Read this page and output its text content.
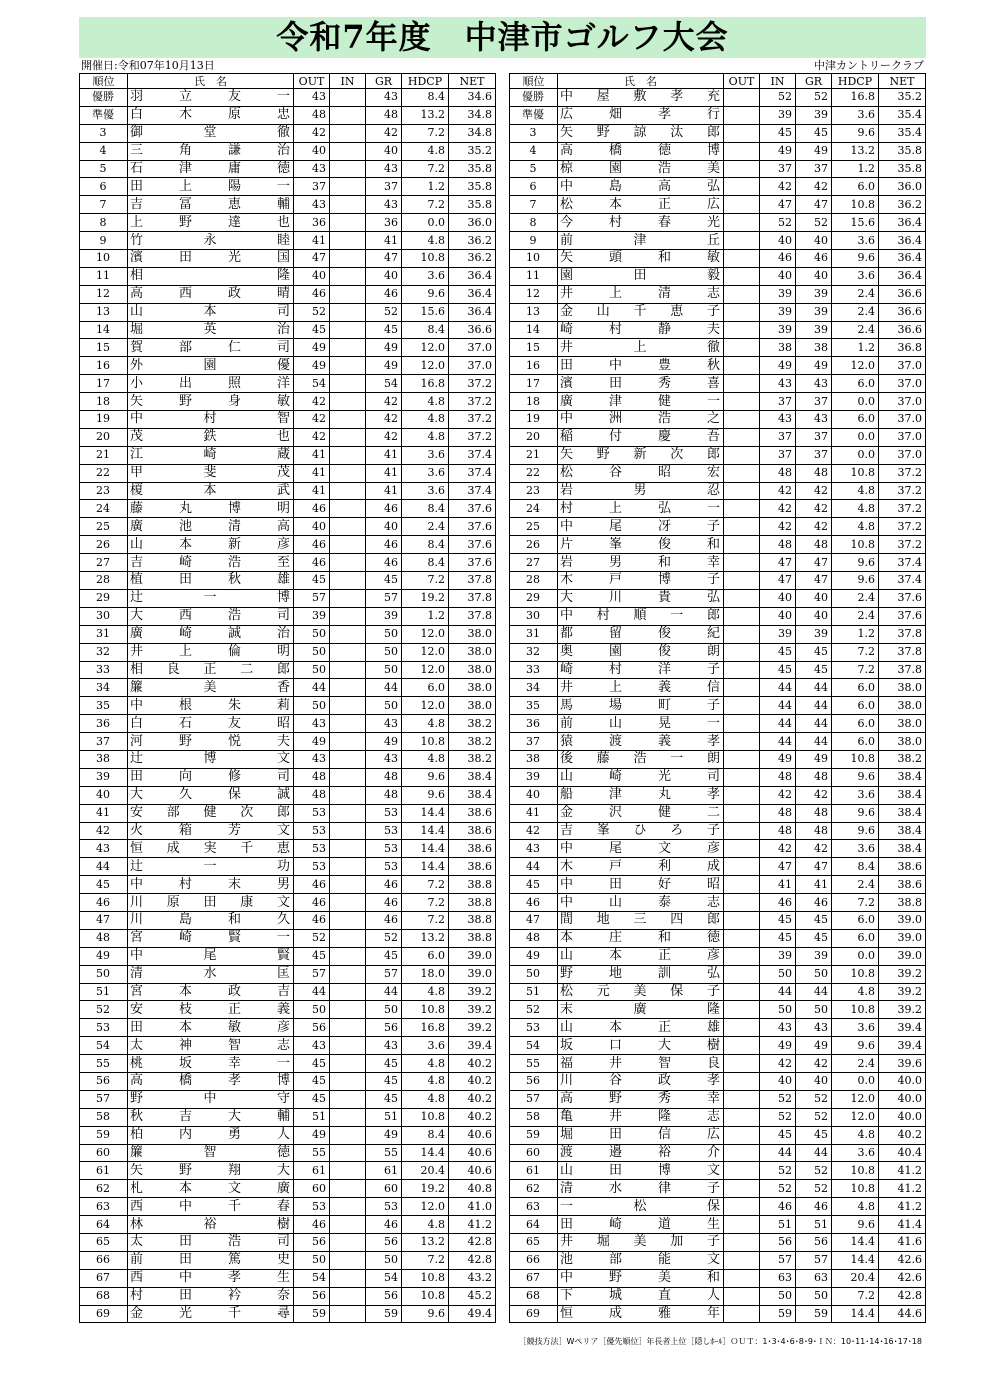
令和7年度　中津市ゴルフ大会
開催日:令和07年10月13日	中津カントリークラブ
順位	氏　名	OUT	IN	GR	HDCP	NET
優勝	羽 立 友 一	43		43	8.4	34.6
準優	白 木 原 忠	48		48	13.2	34.8
3	御 堂 徹	42		42	7.2	34.8
4	三 角 謙 治	40		40	4.8	35.2
5	石 津 庸 徳	43		43	7.2	35.8
6	田 上 陽 一	37		37	1.2	35.8
7	吉 冨 恵 輔	43		43	7.2	35.8
8	上 野 達 也	36		36	0.0	36.0
9	竹 永 睦	41		41	4.8	36.2
10	濱 田 光 国	47		47	10.8	36.2
11	相 隆	40		40	3.6	36.4
12	高 西 政 晴	46		46	9.6	36.4
13	山 本 司	52		52	15.6	36.4
14	堀 英 治	45		45	8.4	36.6
15	賀 部 仁 司	49		49	12.0	37.0
16	外 園 優	49		49	12.0	37.0
17	小 出 照 洋	54		54	16.8	37.2
18	矢 野 身 敏	42		42	4.8	37.2
19	中 村 智	42		42	4.8	37.2
20	茂 鉄 也	42		42	4.8	37.2
21	江 崎 蔵	41		41	3.6	37.4
22	甲 斐 茂	41		41	3.6	37.4
23	榎 本 武	41		41	3.6	37.4
24	藤 丸 博 明	46		46	8.4	37.6
25	廣 池 清 高	40		40	2.4	37.6
26	山 本 新 彦	46		46	8.4	37.6
27	吉 崎 浩 至	46		46	8.4	37.6
28	植 田 秋 雄	45		45	7.2	37.8
29	辻 一 博	57		57	19.2	37.8
30	大 西 浩 司	39		39	1.2	37.8
31	廣 崎 誠 治	50		50	12.0	38.0
32	井 上 倫 明	50		50	12.0	38.0
33	相 良 正 二 郎	50		50	12.0	38.0
34	簾 美 香	44		44	6.0	38.0
35	中 根 朱 莉	50		50	12.0	38.0
36	白 石 友 昭	43		43	4.8	38.2
37	河 野 悦 夫	49		49	10.8	38.2
38	辻 博 文	43		43	4.8	38.2
39	田 向 修 司	48		48	9.6	38.4
40	大 久 保 誠	48		48	9.6	38.4
41	安 部 健 次 郎	53		53	14.4	38.6
42	火 箱 芳 文	53		53	14.4	38.6
43	恒 成 実 千 恵	53		53	14.4	38.6
44	辻 一 功	53		53	14.4	38.6
45	中 村 末 男	46		46	7.2	38.8
46	川 原 田 康 文	46		46	7.2	38.8
47	川 島 和 久	46		46	7.2	38.8
48	宮 崎 賢 一	52		52	13.2	38.8
49	中 尾 賢	45		45	6.0	39.0
50	清 水 匡	57		57	18.0	39.0
51	宮 本 政 吉	44		44	4.8	39.2
52	安 枝 正 義	50		50	10.8	39.2
53	田 本 敏 彦	56		56	16.8	39.2
54	太 神 智 志	43		43	3.6	39.4
55	桃 坂 幸 一	45		45	4.8	40.2
56	高 橋 孝 博	45		45	4.8	40.2
57	野 中 守	45		45	4.8	40.2
58	秋 吉 大 輔	51		51	10.8	40.2
59	柏 内 勇 人	49		49	8.4	40.6
60	簾 智 徳	55		55	14.4	40.6
61	矢 野 翔 大	61		61	20.4	40.6
62	札 本 文 廣	60		60	19.2	40.8
63	西 中 千 春	53		53	12.0	41.0
64	林 裕 樹	46		46	4.8	41.2
65	太 田 浩 司	56		56	13.2	42.8
66	前 田 篤 史	50		50	7.2	42.8
67	西 中 孝 生	54		54	10.8	43.2
68	村 田 衿 奈	56		56	10.8	45.2
69	金 光 千 尋	59		59	9.6	49.4
順位	氏　名	OUT	IN	GR	HDCP	NET
優勝	中 屋 敷 孝 充		52	52	16.8	35.2
準優	広 畑 孝 行		39	39	3.6	35.4
3	矢 野 諒 汰 郎		45	45	9.6	35.4
4	高 橋 徳 博		49	49	13.2	35.8
5	椋 園 浩 美		37	37	1.2	35.8
6	中 島 高 弘		42	42	6.0	36.0
7	松 本 正 広		47	47	10.8	36.2
8	今 村 春 光		52	52	15.6	36.4
9	前 津 丘		40	40	3.6	36.4
10	矢 頭 和 敏		46	46	9.6	36.4
11	園 田 毅		40	40	3.6	36.4
12	井 上 清 志		39	39	2.4	36.6
13	金 山 千 恵 子		39	39	2.4	36.6
14	崎 村 静 夫		39	39	2.4	36.6
15	井 上 徹		38	38	1.2	36.8
16	田 中 豊 秋		49	49	12.0	37.0
17	濱 田 秀 喜		43	43	6.0	37.0
18	廣 津 健 一		37	37	0.0	37.0
19	中 洲 浩 之		43	43	6.0	37.0
20	稲 付 慶 吾		37	37	0.0	37.0
21	矢 野 新 次 郎		37	37	0.0	37.0
22	松 谷 昭 宏		48	48	10.8	37.2
23	岩 男 忍		42	42	4.8	37.2
24	村 上 弘 一		42	42	4.8	37.2
25	中 尾 冴 子		42	42	4.8	37.2
26	片 峯 俊 和		48	48	10.8	37.2
27	岩 男 和 幸		47	47	9.6	37.4
28	木 戸 博 子		47	47	9.6	37.4
29	大 川 貴 弘		40	40	2.4	37.6
30	中 村 順 一 郎		40	40	2.4	37.6
31	都 留 俊 紀		39	39	1.2	37.8
32	奥 園 俊 朗		45	45	7.2	37.8
33	崎 村 洋 子		45	45	7.2	37.8
34	井 上 義 信		44	44	6.0	38.0
35	馬 場 町 子		44	44	6.0	38.0
36	前 山 晃 一		44	44	6.0	38.0
37	猿 渡 義 孝		44	44	6.0	38.0
38	後 藤 浩 一 朗		49	49	10.8	38.2
39	山 崎 光 司		48	48	9.6	38.4
40	船 津 丸 孝		42	42	3.6	38.4
41	金 沢 健 二		48	48	9.6	38.4
42	吉 峯 ひ ろ 子		48	48	9.6	38.4
43	中 尾 文 彦		42	42	3.6	38.4
44	木 戸 利 成		47	47	8.4	38.6
45	中 田 好 昭		41	41	2.4	38.6
46	中 山 泰 志		46	46	7.2	38.8
47	間 地 三 四 郎		45	45	6.0	39.0
48	本 庄 和 徳		45	45	6.0	39.0
49	山 本 正 彦		39	39	0.0	39.0
50	野 地 訓 弘		50	50	10.8	39.2
51	松 元 美 保 子		44	44	4.8	39.2
52	末 廣 隆		50	50	10.8	39.2
53	山 本 正 雄		43	43	3.6	39.4
54	坂 口 大 樹		49	49	9.6	39.4
55	福 井 智 良		42	42	2.4	39.6
56	川 谷 政 孝		40	40	0.0	40.0
57	高 野 秀 幸		52	52	12.0	40.0
58	亀 井 隆 志		52	52	12.0	40.0
59	堀 田 信 広		45	45	4.8	40.2
60	渡 邉 裕 介		44	44	3.6	40.4
61	山 田 博 文		52	52	10.8	41.2
62	清 水 律 子		52	52	10.8	41.2
63	一 松 保		46	46	4.8	41.2
64	田 崎 道 生		51	51	9.6	41.4
65	井 堀 美 加 子		56	56	14.4	41.6
66	池 部 能 文		57	57	14.4	42.6
67	中 野 美 和		63	63	20.4	42.6
68	下 城 直 人		50	50	7.2	42.8
69	恒 成 雅 年		59	59	14.4	44.6
［競技方法］Wペリア［優先順位］年長者上位［隠しﾎｰﾙ］ＯＵＴ：1･3･4･6･8･9･ＩＮ：10･11･14･16･17･18
